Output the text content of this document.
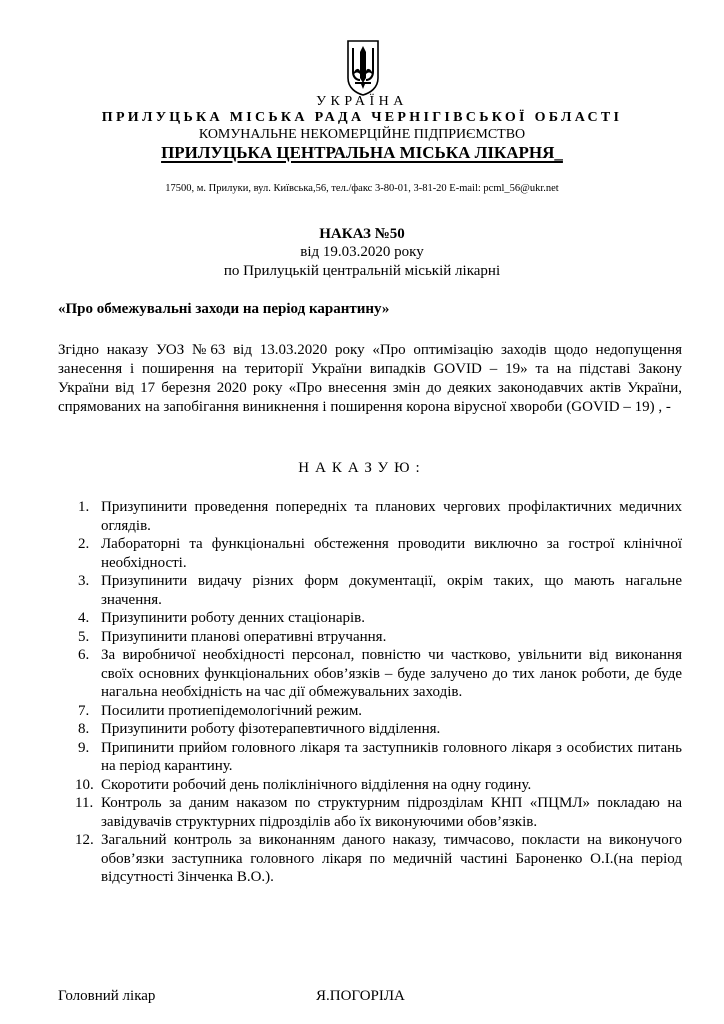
УКРАЇНА
ПРИЛУЦЬКА МІСЬКА РАДА ЧЕРНІГІВСЬКОЇ ОБЛАСТІ
КОМУНАЛЬНЕ НЕКОМЕРЦІЙНЕ ПІДПРИЄМСТВО
ПРИЛУЦЬКА ЦЕНТРАЛЬНА МІСЬКА ЛІКАРНЯ_
17500, м. Прилуки, вул. Київська,56, тел./факс 3-80-01, 3-81-20 E-mail: pcml_56@ukr.net
НАКАЗ №50
від 19.03.2020 року
по Прилуцькій центральній міській лікарні
«Про обмежувальні заходи на період карантину»
Згідно наказу УОЗ №63 від 13.03.2020 року «Про оптимізацію заходів щодо недопущення занесення і поширення на території України випадків GOVID – 19» та на підставі Закону України від 17 березня 2020 року «Про внесення змін до деяких законодавчих актів України, спрямованих на запобігання виникнення і поширення корона вірусної хвороби (GOVID – 19) , -
НАКАЗУЮ:
1. Призупинити проведення попередніх та планових чергових профілактичних медичних оглядів.
2. Лабораторні та функціональні обстеження проводити виключно за гострої клінічної необхідності.
3. Призупинити видачу різних форм документації, окрім таких, що мають нагальне значення.
4. Призупинити роботу денних стаціонарів.
5. Призупинити планові оперативні втручання.
6. За виробничої необхідності персонал, повністю чи частково, увільнити від виконання своїх основних функціональних обов’язків – буде залучено до тих ланок роботи, де буде нагальна необхідність на час дії обмежувальних заходів.
7. Посилити протиепідемологічний режим.
8. Призупинити роботу фізотерапевтичного відділення.
9. Припинити прийом головного лікаря та заступників головного лікаря з особистих питань на період карантину.
10. Скоротити робочий день поліклінічного відділення на одну годину.
11. Контроль за даним наказом по структурним підрозділам КНП «ПЦМЛ» покладаю на завідувачів структурних підрозділів або їх виконуючими обов’язків.
12. Загальний контроль за виконанням даного наказу, тимчасово, покласти на виконучого обов’язки заступника головного лікаря по медичній частині Бароненко О.І.(на період відсутності Зінченка В.О.).
Головний лікар	Я.ПОГОРІЛА
